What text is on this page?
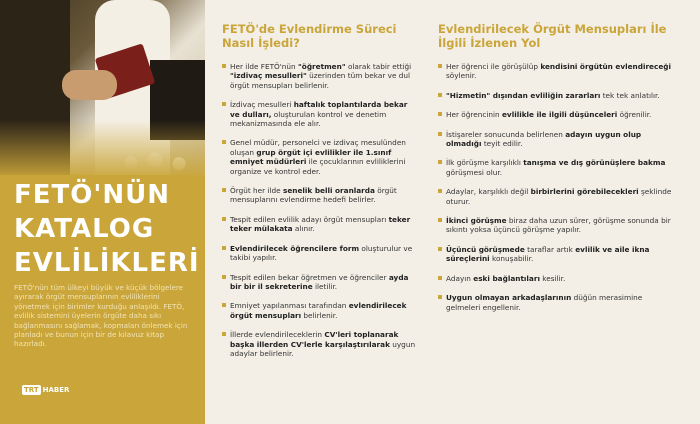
FETÖ'NÜN
KATALOG
EVLİLİKLERİ
FETÖ'nün tüm ülkeyi büyük ve küçük bölgelere ayırarak örgüt mensuplarının evliliklerini yönetmek için birimler kurduğu anlaşıldı. FETÖ, evlilik sistemini üyelerin örgüte daha sıkı bağlanmasını sağlamak, kopmaları önlemek için planladı ve bunun için bir de kılavuz kitap hazırladı.
TRT HABER
FETÖ'de Evlendirme Süreci Nasıl İşledi?
Her ilde FETÖ'nün "öğretmen" olarak tabir ettiği "izdivaç mesulleri" üzerinden tüm bekar ve dul örgüt mensupları belirlenir.
İzdivaç mesulleri haftalık toplantılarda bekar ve dulları, oluşturulan kontrol ve denetim mekanizmasında ele alır.
Genel müdür, personelci ve izdivaç mesulünden oluşan grup örgüt içi evlilikler ile 1.sınıf emniyet müdürleri ile çocuklarının evliliklerini organize ve kontrol eder.
Örgüt her ilde senelik belli oranlarda örgüt mensuplarını evlendirme hedefi belirler.
Tespit edilen evlilik adayı örgüt mensupları teker teker mülakata alınır.
Evlendirilecek öğrencilere form oluşturulur ve takibi yapılır.
Tespit edilen bekar öğretmen ve öğrenciler ayda bir bir il sekreterine iletilir.
Emniyet yapılanması tarafından evlendirilecek örgüt mensupları belirlenir.
İllerde evlendirileceklerin CV'leri toplanarak başka illerden CV'lerle karşılaştırılarak uygun adaylar belirlenir.
Evlendirilecek Örgüt Mensupları İle İlgili İzlenen Yol
Her öğrenci ile görüşülüp kendisini örgütün evlendireceği söylenir.
"Hizmetin" dışından evliliğin zararları tek tek anlatılır.
Her öğrencinin evlilikle ile ilgili düşünceleri öğrenilir.
İstişareler sonucunda belirlenen adayın uygun olup olmadığı teyit edilir.
İlk görüşme karşılıklı tanışma ve dış görünüşlere bakma görüşmesi olur.
Adaylar, karşılıklı değil birbirlerini görebilecekleri şeklinde oturur.
İkinci görüşme biraz daha uzun sürer, görüşme sonunda bir sıkıntı yoksa üçüncü görüşme yapılır.
Üçüncü görüşmede taraflar artık evlilik ve aile ikna süreçlerini konuşabilir.
Adayın eski bağlantıları kesilir.
Uygun olmayan arkadaşlarının düğün merasimine gelmeleri engellenir.
